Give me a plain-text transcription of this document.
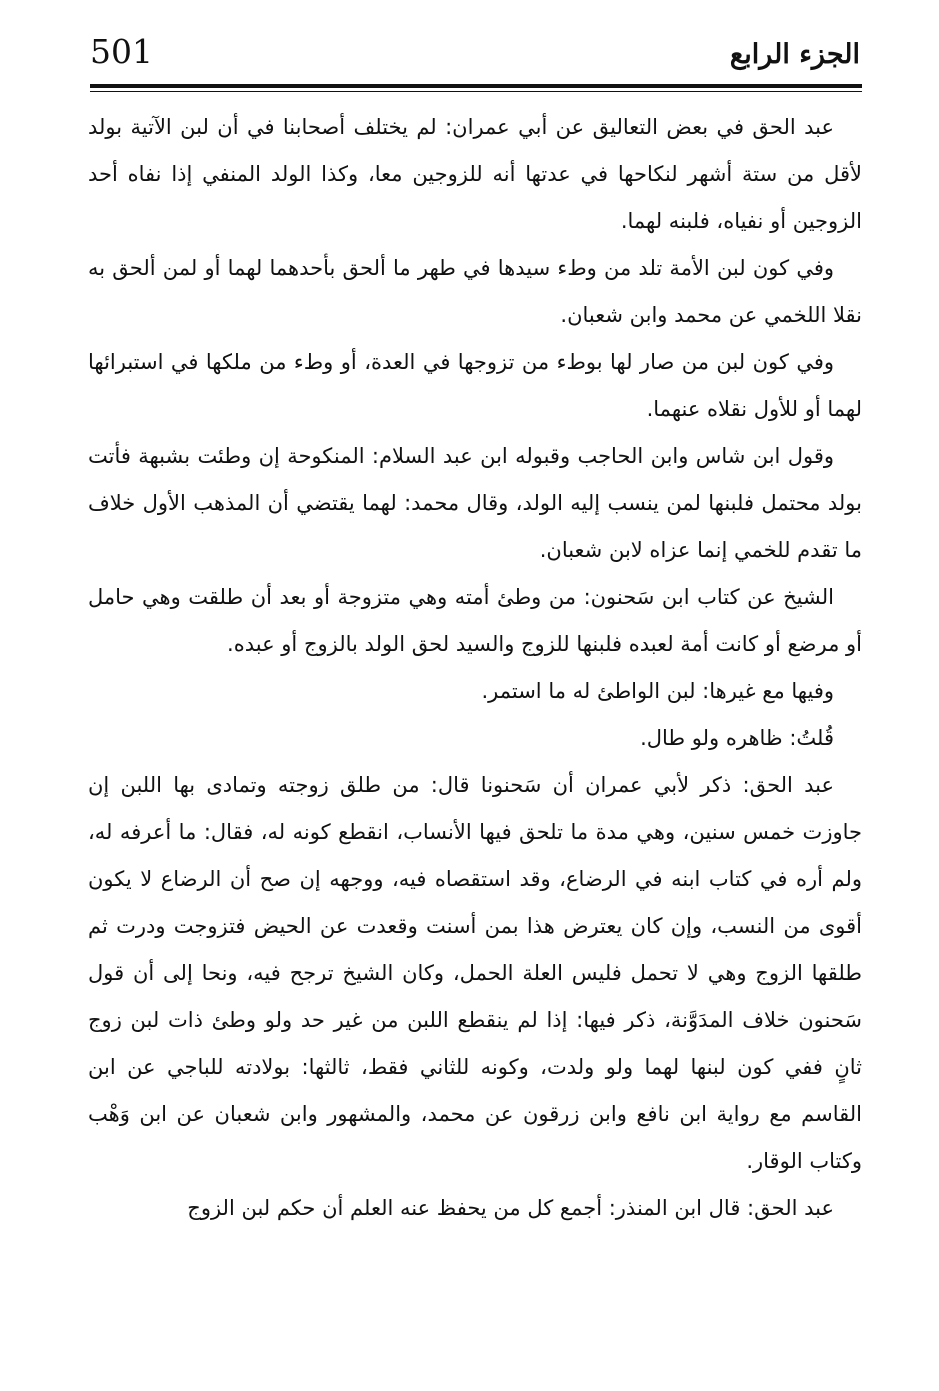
501	الجزء الرابع

عبد الحق في بعض التعاليق عن أبي عمران: لم يختلف أصحابنا في أن لبن الآتية بولد لأقل من ستة أشهر لنكاحها في عدتها أنه للزوجين معا، وكذا الولد المنفي إذا نفاه أحد الزوجين أو نفياه، فلبنه لهما.

وفي كون لبن الأمة تلد من وطء سيدها في طهر ما ألحق بأحدهما لهما أو لمن ألحق به نقلا اللخمي عن محمد وابن شعبان.

وفي كون لبن من صار لها بوطء من تزوجها في العدة، أو وطء من ملكها في استبرائها لهما أو للأول نقلاه عنهما.

وقول ابن شاس وابن الحاجب وقبوله ابن عبد السلام: المنكوحة إن وطئت بشبهة فأتت بولد محتمل فلبنها لمن ينسب إليه الولد، وقال محمد: لهما يقتضي أن المذهب الأول خلاف ما تقدم للخمي إنما عزاه لابن شعبان.

الشيخ عن كتاب ابن سَحنون: من وطئ أمته وهي متزوجة أو بعد أن طلقت وهي حامل أو مرضع أو كانت أمة لعبده فلبنها للزوج والسيد لحق الولد بالزوج أو عبده.

وفيها مع غيرها: لبن الواطئ له ما استمر.

قُلتُ: ظاهره ولو طال.

عبد الحق: ذكر لأبي عمران أن سَحنونا قال: من طلق زوجته وتمادى بها اللبن إن جاوزت خمس سنين، وهي مدة ما تلحق فيها الأنساب، انقطع كونه له، فقال: ما أعرفه له، ولم أره في كتاب ابنه في الرضاع، وقد استقصاه فيه، ووجهه إن صح أن الرضاع لا يكون أقوى من النسب، وإن كان يعترض هذا بمن أسنت وقعدت عن الحيض فتزوجت ودرت ثم طلقها الزوج وهي لا تحمل فليس العلة الحمل، وكان الشيخ ترجح فيه، ونحا إلى أن قول سَحنون خلاف المدَوَّنة، ذكر فيها: إذا لم ينقطع اللبن من غير حد ولو وطئ ذات لبن زوج ثانٍ ففي كون لبنها لهما ولو ولدت، وكونه للثاني فقط، ثالثها: بولادته للباجي عن ابن القاسم مع رواية ابن نافع وابن زرقون عن محمد، والمشهور وابن شعبان عن ابن وَهْب وكتاب الوقار.

عبد الحق: قال ابن المنذر: أجمع كل من يحفظ عنه العلم أن حكم لبن الزوج
